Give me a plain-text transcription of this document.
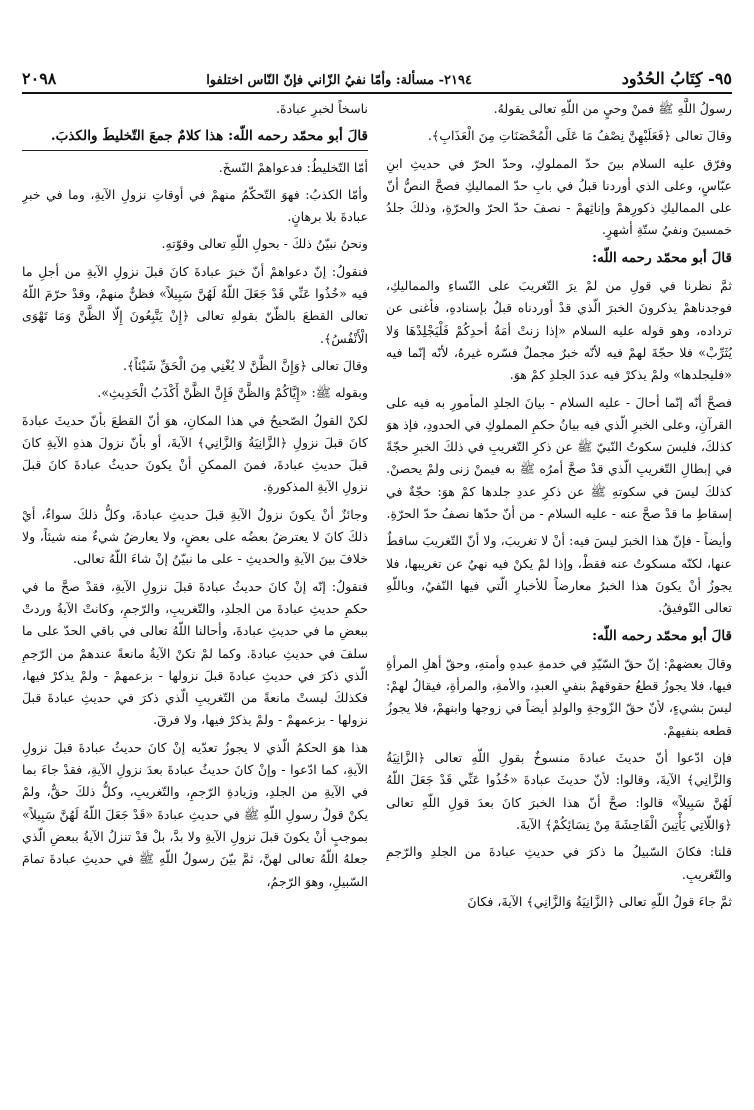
٩٥- كِتَابُ الحُدُود
٢١٩٤- مسألة: وأمّا نفيُ الزّاني فإنّ النّاس اختلفوا
٢٠٩٨

رسولُ اللَّهِ ﷺ فمنْ وحيٍ من اللّهِ تعالى يقولهُ.

وقالَ تعالى ﴿فَعَلَيْهِنَّ نِصْفُ مَا عَلَى الْمُحْصَنَاتِ مِنَ الْعَذَابِ﴾.

وفرّق عليه السلام بينَ حدّ المملوكِ، وحدّ الحرّ في حديثِ ابنِ عبّاسٍ، وعلى الذي أوردنا قبلُ في بابِ حدّ المماليكِ فصحَّ النصُّ أنّ على المماليكِ ذكورِهمْ وإناثِهمْ - نصفَ حدّ الحرّ والحرّةِ، وذلكَ جلدُ خمسينَ ونفيُ ستّةِ أشهرٍ.

قالَ أبو محمّد رحمه اللّه:

ثمَّ نظرنا في قولِ من لمْ يرَ التّغريبَ على النّساءِ والمماليكِ، فوجدناهمْ يذكرونَ الخبرَ الّذي قدْ أوردناه قبلُ بإسنادهِ، فأغنى عن ترداده، وهو قوله عليه السلام «إذا زنتْ أمَةُ أحدِكُمْ فَلْيَجْلِدْهَا وَلا يُثَرِّبْ» فلا حجّةَ لهمْ فيه لأنّه خبرٌ مجملٌ فسّره غيرهُ، لأنّه إنّما فيه «فليجلدها» ولمْ يذكرْ فيه عددَ الجلدِ كمْ هوَ.

فصحَّ أنّه إنّما أحالَ - عليه السلام - بيانَ الجلدِ المأمورِ به فيه على القرآنِ، وعلى الخبرِ الّذي فيه بيانُ حكمِ المملوكِ في الحدودِ، فإذ هوَ كذلكَ، فليسَ سكوتُ النّبيّ ﷺ عن ذكرِ التّغريبِ في ذلكَ الخبرِ حجّةً في إبطالِ التّغريبِ الّذي قدْ صحَّ أمرُه ﷺ به فيمنْ زنى ولمْ يحصنْ. كذلكَ ليسَ في سكوتهِ ﷺ عن ذكرِ عددِ جلدها كمْ هوَ: حجّةٌ في إسقاطِ ما قدْ صحَّ عنه - عليه السلام - من أنّ حدّها نصفُ حدّ الحرّةِ.

وأيضاً - فإنّ هذا الخبرَ ليسَ فيه: أنْ لا تغريبَ، ولا أنّ التّغريبَ ساقطٌ عنها، لكنّه مسكوتٌ عنه فقطْ، وإذا لمْ يكنْ فيه نهيٌ عن تغريبها، فلا يجوزُ أنْ يكونَ هذا الخبرُ معارضاً للأخبارِ الّتي فيها النّفيُ، وباللّهِ تعالى التّوفيقُ.

قالَ أبو محمّد رحمه اللّه:

وقالَ بعضهمْ: إنّ حقّ السّيّدِ في خدمةِ عبدهِ وأمتهِ، وحقّ أهلِ المرأةِ فيها، فلا يجوزُ قطعُ حقوقهمْ بنفيِ العبدِ، والأمةِ، والمرأةِ، فيقالُ لهمْ: ليسَ بشيءٍ، لأنّ حقّ الزّوجةِ والولدِ أيضاً في زوجها وابنهمْ، فلا يجوزُ قطعه بنفيهمْ.

فإن ادّعوا أنّ حديثَ عبادةَ منسوخٌ بقولِ اللّهِ تعالى ﴿الزَّانِيَةُ وَالزَّانِي﴾ الآيةَ، وقالوا: لأنّ حديثَ عبادةَ «خُذُوا عَنِّي قَدْ جَعَلَ اللّهُ لَهُنَّ سَبِيلاً» قالوا: صحَّ أنّ هذا الخبرَ كانَ بعدَ قولِ اللّهِ تعالى ﴿وَاللّاتِي يَأْتِينَ الْفَاحِشَةَ مِنْ نِسَائِكُمْ﴾ الآيةَ.

قلنا: فكانَ السّبيلُ ما ذكرَ في حديثِ عبادةَ من الجلدِ والرّجمِ والتّغريبِ.

ثمَّ جاءَ قولُ اللّهِ تعالى ﴿الزَّانِيَةُ وَالزَّانِي﴾ الآيةَ، فكانَ

ناسخاً لخبرِ عبادةَ.

قالَ أبو محمّد رحمه اللّه: هذا كلامٌ جمعَ التّخليطَ والكذبَ.

أمّا التّخليطُ: فدعواهمْ النّسخَ.

وأمّا الكذبُ: فهوَ التّحكّمُ منهمْ في أوقاتِ نزولِ الآيةِ، وما في خبرِ عبادةَ بلا برهانٍ.

ونحنُ نبيّنُ ذلكَ - بحولِ اللّهِ تعالى وقوّتهِ.

فنقولُ: إنّ دعواهمْ أنّ خبرَ عبادةَ كانَ قبلَ نزولِ الآيةِ من أجلِ ما فيه «خُذُوا عَنِّي قَدْ جَعَلَ اللّهُ لَهُنَّ سَبِيلاً» فظنٌّ منهمْ، وقدْ حرّمَ اللّهُ تعالى القطعَ بالظّنّ بقولهِ تعالى ﴿إِنْ يَتَّبِعُونَ إِلّا الظَّنَّ وَمَا تَهْوَى الْأَنْفُسُ﴾.

وقالَ تعالى ﴿وَإِنَّ الظَّنَّ لا يُغْنِي مِنَ الْحَقِّ شَيْئاً﴾.

وبقوله ﷺ: «إِيَّاكُمْ وَالظَّنَّ فَإِنَّ الظَّنَّ أَكْذَبُ الْحَدِيثِ».

لكنْ القولُ الصّحيحُ في هذا المكانِ، هوَ أنّ القطعَ بأنّ حديثَ عبادةَ كانَ قبلَ نزولِ ﴿الزَّانِيَةُ وَالزَّانِي﴾ الآيةَ، أو بأنّ نزولَ هذهِ الآيةِ كانَ قبلَ حديثِ عبادةَ، فمنَ الممكنِ أنْ يكونَ حديثُ عبادةَ كانَ قبلَ نزولِ الآيةِ المذكورةِ.

وجائزٌ أنْ يكونَ نزولُ الآيةِ قبلَ حديثِ عبادةَ، وكلُّ ذلكَ سواءٌ، أيْ ذلكَ كانَ لا يعترضُ بعضُه على بعضٍ، ولا يعارضُ شيءٌ منه شيئاً، ولا خلافَ بينَ الآيةِ والحديثِ - على ما نبيّنُ إنْ شاءَ اللّهُ تعالى.

فنقولُ: إنّه إنْ كانَ حديثُ عبادةَ قبلَ نزولِ الآيةِ، فقدْ صحَّ ما في حكمِ حديثِ عبادةَ من الجلدِ، والتّغريبِ، والرّجمِ، وكانتْ الآيةُ وردتْ ببعضِ ما في حديثِ عبادةَ، وأحالنا اللّهُ تعالى في باقي الحدّ على ما سلفَ في حديثِ عبادةَ. وكما لمْ تكنْ الآيةُ مانعةً عندهمْ من الرّجمِ الّذي ذكرَ في حديثِ عبادةَ قبلَ نزولها - بزعمهمْ - ولمْ يذكرْ فيها، فكذلكَ ليستْ مانعةً من التّغريبِ الّذي ذكرَ في حديثِ عبادةَ قبلَ نزولها - بزعمهمْ - ولمْ يذكرْ فيها، ولا فرقَ.

هذا هوَ الحكمُ الّذي لا يجوزُ تعدّيه إنْ كانَ حديثُ عبادةَ قبلَ نزولِ الآيةِ، كما ادّعوا - وإنْ كانَ حديثُ عبادةَ بعدَ نزولِ الآيةِ، فقدْ جاءَ بما في الآيةِ من الجلدِ، وزيادةِ الرّجمِ، والتّغريبِ، وكلُّ ذلكَ حقٌّ، ولمْ يكنْ قولُ رسولِ اللّهِ ﷺ في حديثِ عبادةَ «قَدْ جَعَلَ اللّهُ لَهُنَّ سَبِيلاً» بموجبٍ أنْ يكونَ قبلَ نزولِ الآيةِ ولا بدَّ، بلْ قدْ تنزلُ الآيةُ ببعضِ الّذي جعلهُ اللّهُ تعالى لهنَّ، ثمَّ بيّنَ رسولُ اللّهِ ﷺ في حديثِ عبادةَ تمامَ السّبيلِ، وهوَ الرّجمُ،
